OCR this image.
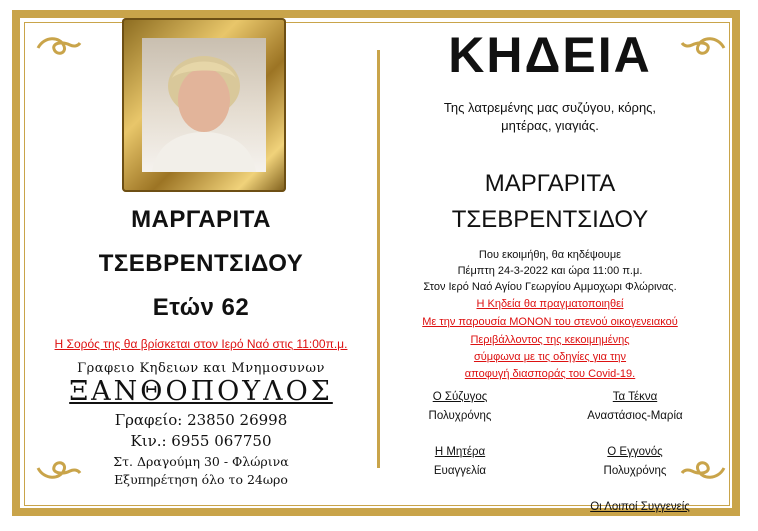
ΜΑΡΓΑΡΙΤΑ
ΤΣΕΒΡΕΝΤΣΙΔΟΥ
Ετών 62
Η Σορός της θα βρίσκεται στον Ιερό Ναό στις 11:00π.μ.
Γραφειο Κηδειων και Μνημοσυνων
ΞΑΝΘΟΠΟΥΛΟΣ
Γραφείο: 23850 26998
Κιν.: 6955 067750
Στ. Δραγούμη 30 - Φλώρινα
Εξυπηρέτηση όλο το 24ωρο
ΚΗΔΕΙΑ
Της λατρεμένης μας συζύγου, κόρης,
μητέρας, γιαγιάς.
ΜΑΡΓΑΡΙΤΑ
ΤΣΕΒΡΕΝΤΣΙΔΟΥ
Που εκοιμήθη, θα κηδέψουμε
Πέμπτη 24-3-2022 και ώρα 11:00 π.μ.
Στον Ιερό Ναό Αγίου Γεωργίου Αμμοχωρι Φλώρινας.
Η Κηδεία θα πραγματοποιηθεί
Με την παρουσία ΜΟΝΟΝ του στενού οικογενειακού
Περιβάλλοντος της κεκοιμημένης
σύμφωνα με τις οδηγίες για την
αποφυγή διασποράς του Covid-19.
Ο Σύζυγος
Πολυχρόνης
Τα Τέκνα
Αναστάσιος-Μαρία
Η Μητέρα
Ευαγγελία
Ο Εγγονός
Πολυχρόνης
Οι Λοιποί Συγγενείς
